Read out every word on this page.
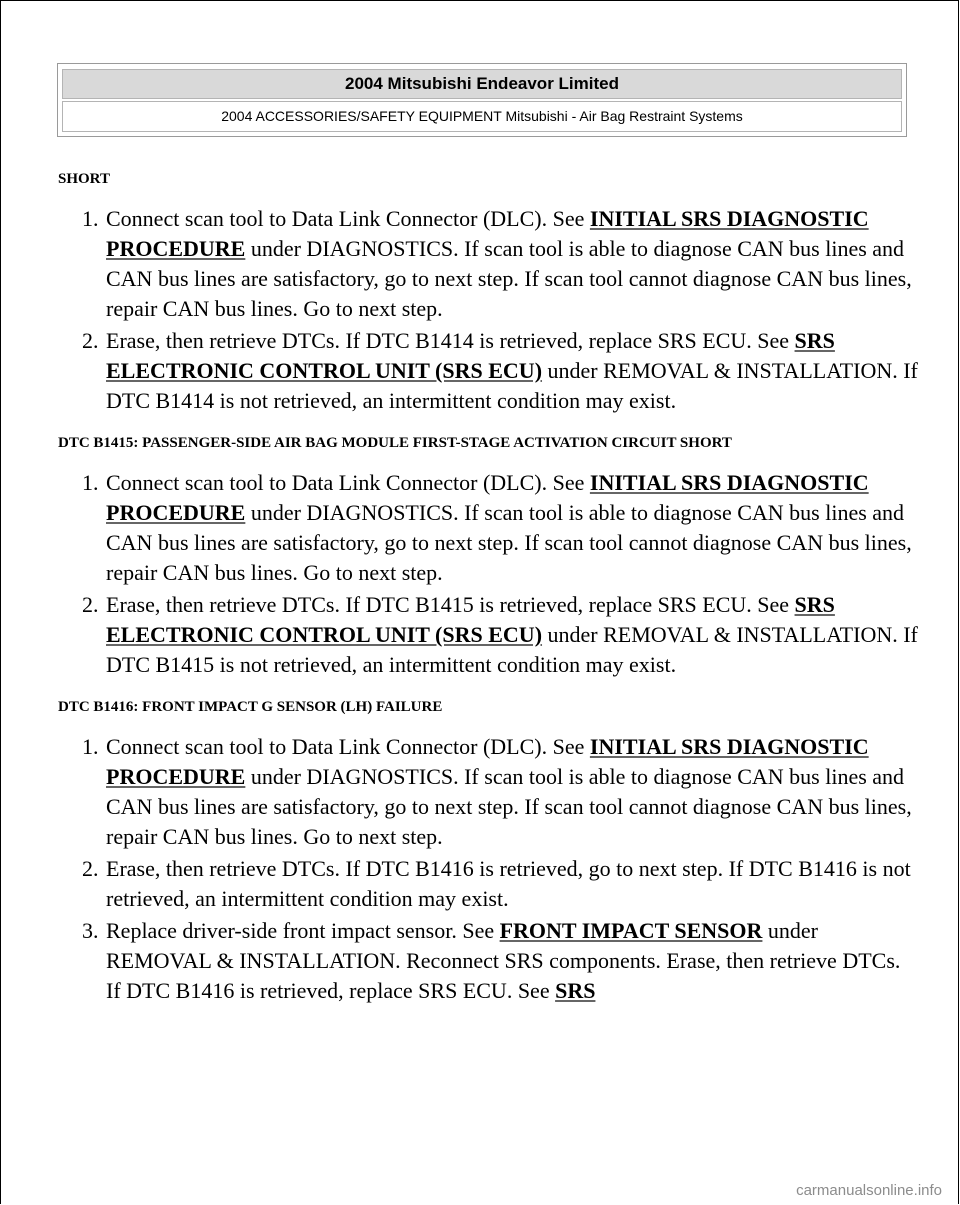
2004 Mitsubishi Endeavor Limited
2004 ACCESSORIES/SAFETY EQUIPMENT Mitsubishi - Air Bag Restraint Systems

SHORT

1. Connect scan tool to Data Link Connector (DLC). See INITIAL SRS DIAGNOSTIC PROCEDURE under DIAGNOSTICS. If scan tool is able to diagnose CAN bus lines and CAN bus lines are satisfactory, go to next step. If scan tool cannot diagnose CAN bus lines, repair CAN bus lines. Go to next step.
2. Erase, then retrieve DTCs. If DTC B1414 is retrieved, replace SRS ECU. See SRS ELECTRONIC CONTROL UNIT (SRS ECU) under REMOVAL & INSTALLATION. If DTC B1414 is not retrieved, an intermittent condition may exist.

DTC B1415: PASSENGER-SIDE AIR BAG MODULE FIRST-STAGE ACTIVATION CIRCUIT SHORT

1. Connect scan tool to Data Link Connector (DLC). See INITIAL SRS DIAGNOSTIC PROCEDURE under DIAGNOSTICS. If scan tool is able to diagnose CAN bus lines and CAN bus lines are satisfactory, go to next step. If scan tool cannot diagnose CAN bus lines, repair CAN bus lines. Go to next step.
2. Erase, then retrieve DTCs. If DTC B1415 is retrieved, replace SRS ECU. See SRS ELECTRONIC CONTROL UNIT (SRS ECU) under REMOVAL & INSTALLATION. If DTC B1415 is not retrieved, an intermittent condition may exist.

DTC B1416: FRONT IMPACT G SENSOR (LH) FAILURE

1. Connect scan tool to Data Link Connector (DLC). See INITIAL SRS DIAGNOSTIC PROCEDURE under DIAGNOSTICS. If scan tool is able to diagnose CAN bus lines and CAN bus lines are satisfactory, go to next step. If scan tool cannot diagnose CAN bus lines, repair CAN bus lines. Go to next step.
2. Erase, then retrieve DTCs. If DTC B1416 is retrieved, go to next step. If DTC B1416 is not retrieved, an intermittent condition may exist.
3. Replace driver-side front impact sensor. See FRONT IMPACT SENSOR under REMOVAL & INSTALLATION. Reconnect SRS components. Erase, then retrieve DTCs. If DTC B1416 is retrieved, replace SRS ECU. See SRS
carmanualsonline.info
